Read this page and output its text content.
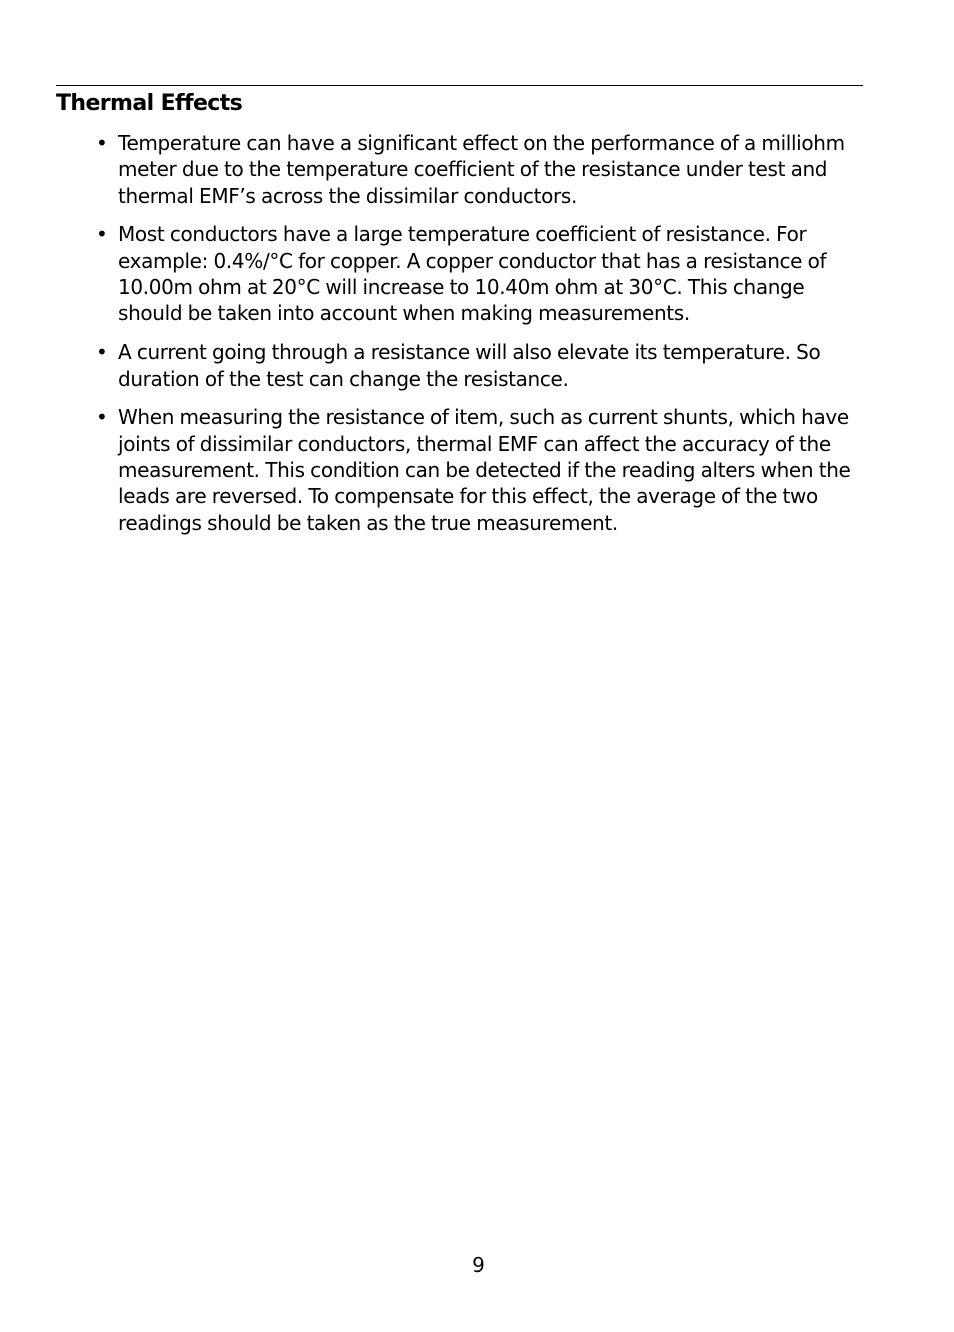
Thermal Effects
• Temperature can have a significant effect on the performance of a milliohm meter due to the temperature coefficient of the resistance under test and thermal EMF’s across the dissimilar conductors.
• Most conductors have a large temperature coefficient of resistance. For example: 0.4%/°C for copper. A copper conductor that has a resistance of 10.00m ohm at 20°C will increase to 10.40m ohm at 30°C. This change should be taken into account when making measurements.
• A current going through a resistance will also elevate its temperature. So duration of the test can change the resistance.
• When measuring the resistance of item, such as current shunts, which have joints of dissimilar conductors, thermal EMF can affect the accuracy of the measurement. This condition can be detected if the reading alters when the leads are reversed. To compensate for this effect, the average of the two readings should be taken as the true measurement.
9
